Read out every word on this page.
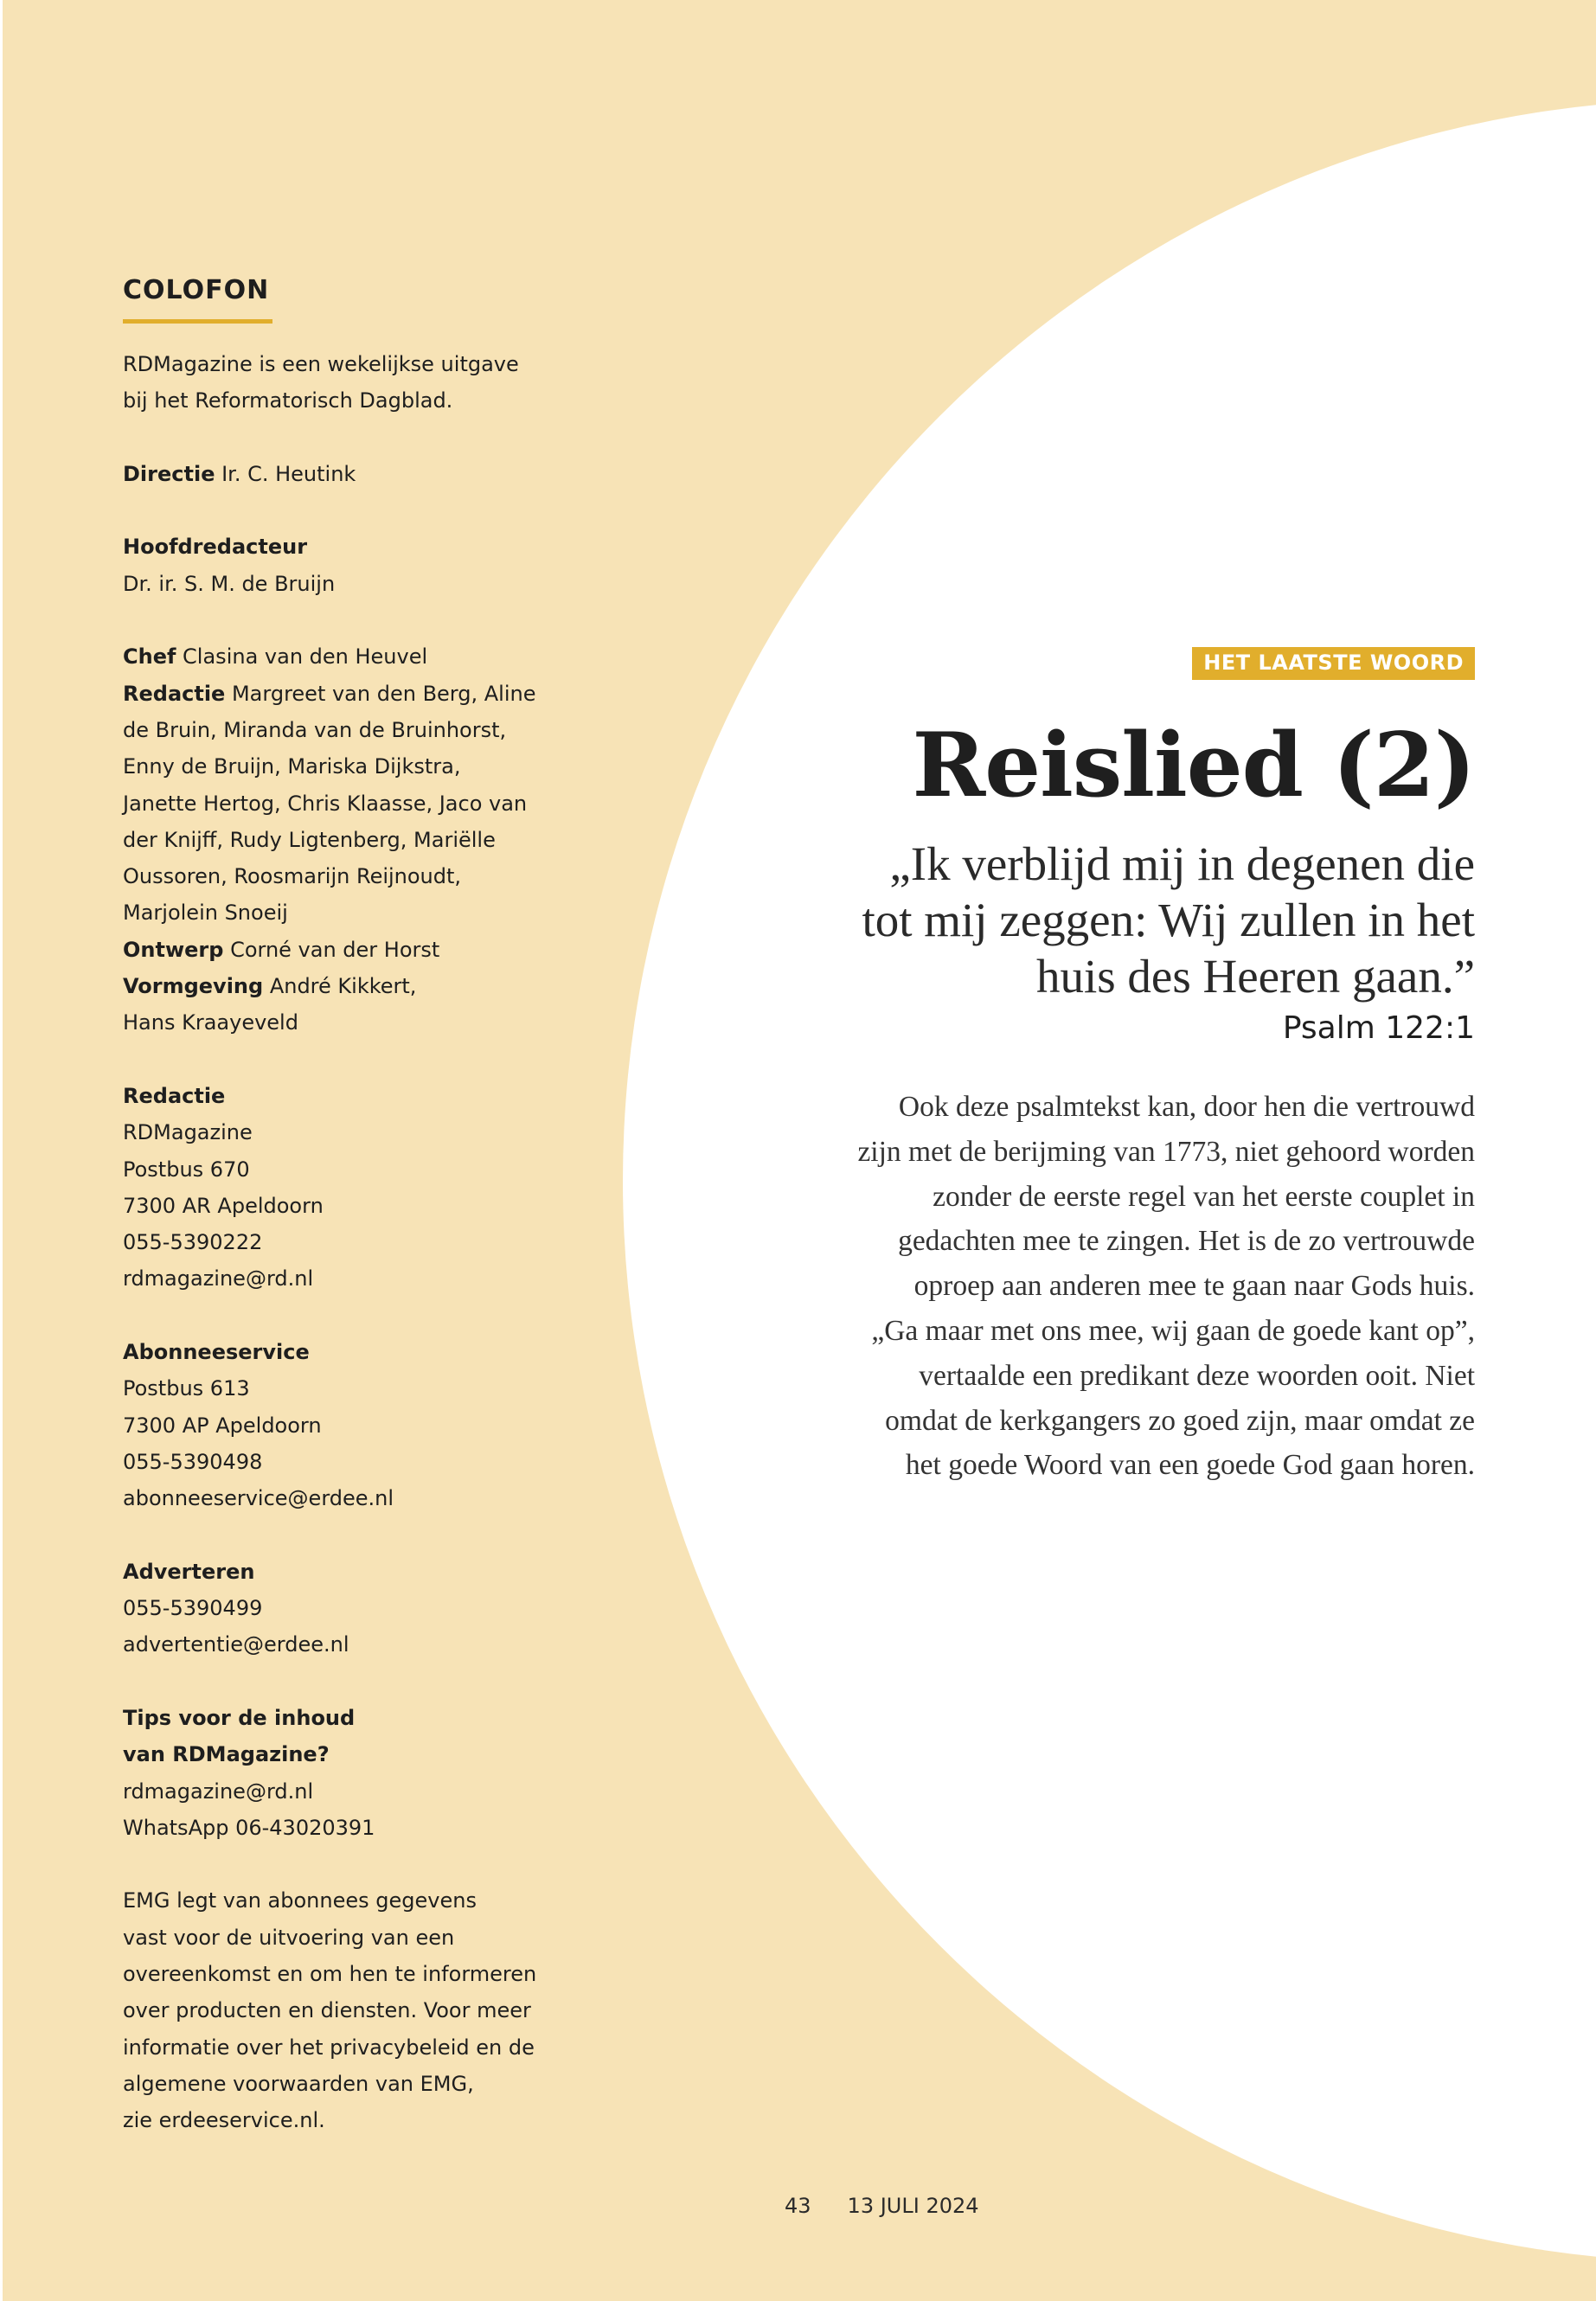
COLOFON
RDMagazine is een wekelijkse uitgave
bij het Reformatorisch Dagblad.
Directie Ir. C. Heutink
Hoofdredacteur
Dr. ir. S. M. de Bruijn
Chef Clasina van den Heuvel
Redactie Margreet van den Berg, Aline
de Bruin, Miranda van de Bruinhorst,
Enny de Bruijn, Mariska Dijkstra,
Janette Hertog, Chris Klaasse, Jaco van
der Knijff, Rudy Ligtenberg, Mariëlle
Oussoren, Roosmarijn Reijnoudt,
Marjolein Snoeij
Ontwerp Corné van der Horst
Vormgeving André Kikkert,
Hans Kraayeveld
Redactie
RDMagazine
Postbus 670
7300 AR Apeldoorn
055-5390222
rdmagazine@rd.nl
Abonneeservice
Postbus 613
7300 AP Apeldoorn
055-5390498
abonneeservice@erdee.nl
Adverteren
055-5390499
advertentie@erdee.nl
Tips voor de inhoud
van RDMagazine?
rdmagazine@rd.nl
WhatsApp 06-43020391
EMG legt van abonnees gegevens
vast voor de uitvoering van een
overeenkomst en om hen te informeren
over producten en diensten. Voor meer
informatie over het privacybeleid en de
algemene voorwaarden van EMG,
zie erdeeservice.nl.
HET LAATSTE WOORD
Reislied (2)
„Ik verblijd mij in degenen die
tot mij zeggen: Wij zullen in het
huis des Heeren gaan.”
Psalm 122:1
Ook deze psalmtekst kan, door hen die vertrouwd
zijn met de berijming van 1773, niet gehoord worden
zonder de eerste regel van het eerste couplet in
gedachten mee te zingen. Het is de zo vertrouwde
oproep aan anderen mee te gaan naar Gods huis.
„Ga maar met ons mee, wij gaan de goede kant op”,
vertaalde een predikant deze woorden ooit. Niet
omdat de kerkgangers zo goed zijn, maar omdat ze
het goede Woord van een goede God gaan horen.
43 13 JULI 2024
